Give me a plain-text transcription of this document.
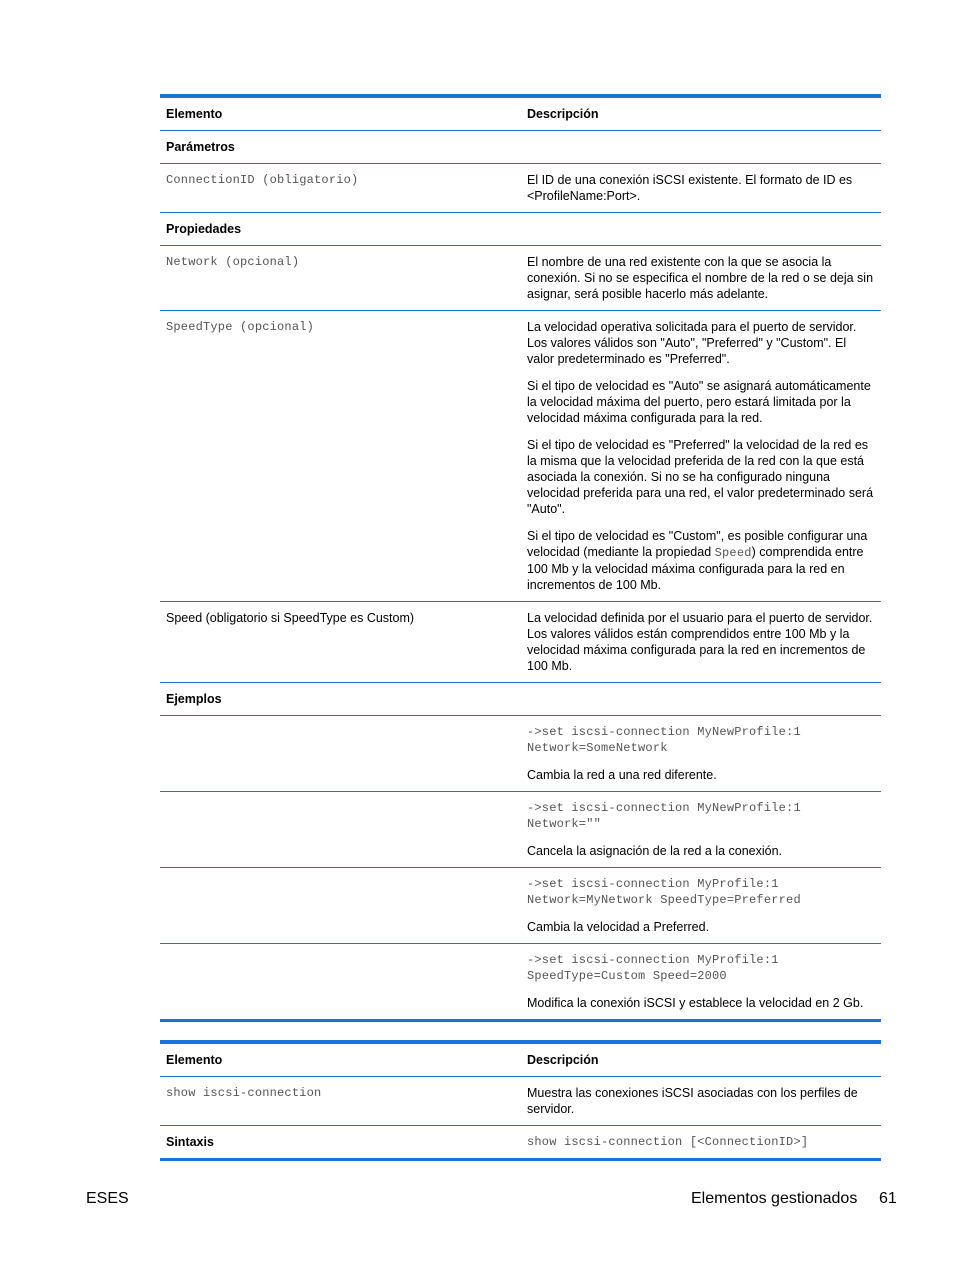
Elemento	Descripción
Parámetros
ConnectionID (obligatorio)	El ID de una conexión iSCSI existente. El formato de ID es <ProfileName:Port>.
Propiedades
Network (opcional)	El nombre de una red existente con la que se asocia la conexión. Si no se especifica el nombre de la red o se deja sin asignar, será posible hacerlo más adelante.
SpeedType (opcional)	La velocidad operativa solicitada para el puerto de servidor. Los valores válidos son "Auto", "Preferred" y "Custom". El valor predeterminado es "Preferred".

Si el tipo de velocidad es "Auto" se asignará automáticamente la velocidad máxima del puerto, pero estará limitada por la velocidad máxima configurada para la red.

Si el tipo de velocidad es "Preferred" la velocidad de la red es la misma que la velocidad preferida de la red con la que está asociada la conexión. Si no se ha configurado ninguna velocidad preferida para una red, el valor predeterminado será "Auto".

Si el tipo de velocidad es "Custom", es posible configurar una velocidad (mediante la propiedad Speed) comprendida entre 100 Mb y la velocidad máxima configurada para la red en incrementos de 100 Mb.

Speed (obligatorio si SpeedType es Custom)	La velocidad definida por el usuario para el puerto de servidor. Los valores válidos están comprendidos entre 100 Mb y la velocidad máxima configurada para la red en incrementos de 100 Mb.
Ejemplos
->set iscsi-connection MyNewProfile:1
Network=SomeNetwork

Cambia la red a una red diferente.

->set iscsi-connection MyNewProfile:1
Network=""

Cancela la asignación de la red a la conexión.

->set iscsi-connection MyProfile:1
Network=MyNetwork SpeedType=Preferred

Cambia la velocidad a Preferred.

->set iscsi-connection MyProfile:1
SpeedType=Custom Speed=2000

Modifica la conexión iSCSI y establece la velocidad en 2 Gb.

Elemento	Descripción
show iscsi-connection	Muestra las conexiones iSCSI asociadas con los perfiles de servidor.
Sintaxis	show iscsi-connection [<ConnectionID>]
ESES	Elementos gestionados 61
